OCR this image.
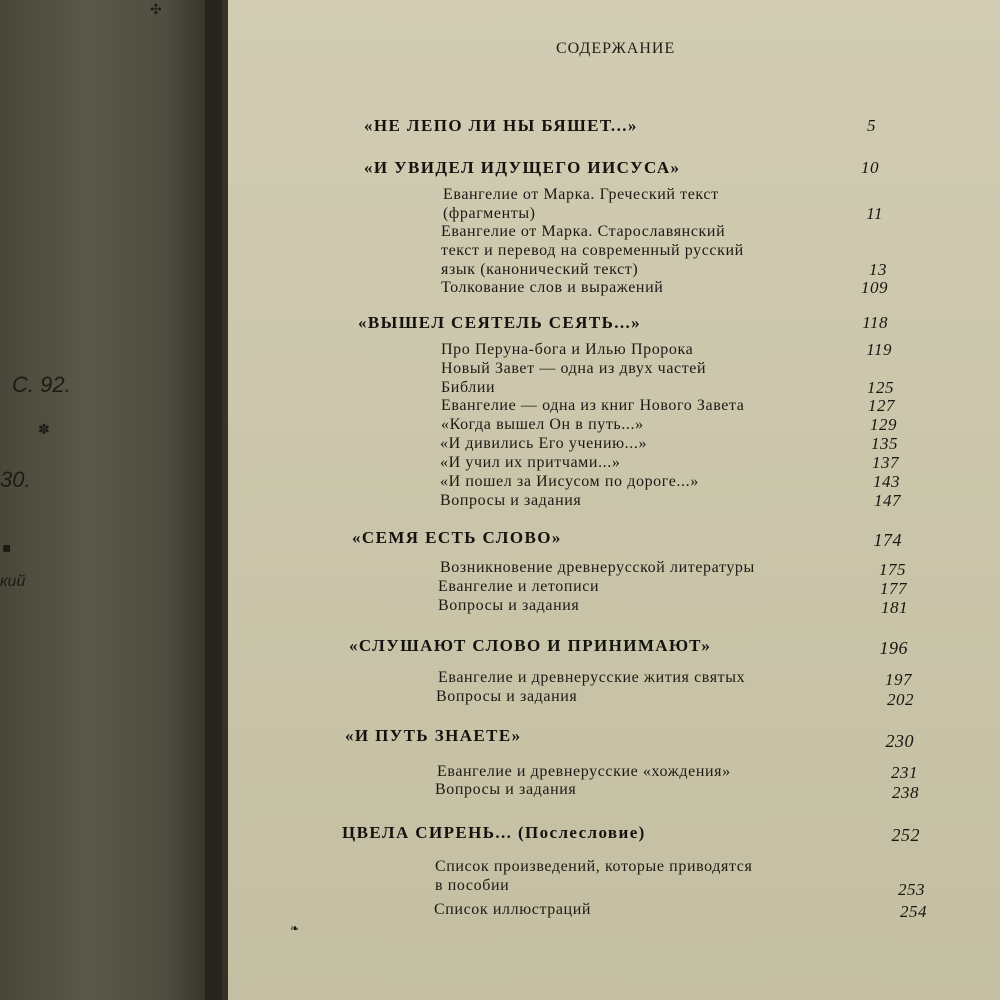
✣
С. 92.
✽
30.
▪
кий
❧
СОДЕРЖАНИЕ
«НЕ ЛЕПО ЛИ НЫ БЯШЕТ...»	5
«И УВИДЕЛ ИДУЩЕГО ИИСУСА»	10
Евангелие от Марка. Греческий текст
(фрагменты)	11
Евангелие от Марка. Старославянский
текст и перевод на современный русский
язык (канонический текст)	13
Толкование слов и выражений	109
«ВЫШЕЛ СЕЯТЕЛЬ СЕЯТЬ...»	118
Про Перуна-бога и Илью Пророка	119
Новый Завет — одна из двух частей
Библии	125
Евангелие — одна из книг Нового Завета	127
«Когда вышел Он в путь...»	129
«И дивились Его учению...»	135
«И учил их притчами...»	137
«И пошел за Иисусом по дороге...»	143
Вопросы и задания	147
«СЕМЯ ЕСТЬ СЛОВО»	174
Возникновение древнерусской литературы	175
Евангелие и летописи	177
Вопросы и задания	181
«СЛУШАЮТ СЛОВО И ПРИНИМАЮТ»	196
Евангелие и древнерусские жития святых	197
Вопросы и задания	202
«И ПУТЬ ЗНАЕТЕ»	230
Евангелие и древнерусские «хождения»	231
Вопросы и задания	238
ЦВЕЛА СИРЕНЬ... (Послесловие)	252
Список произведений, которые приводятся
в пособии	253
Список иллюстраций	254
